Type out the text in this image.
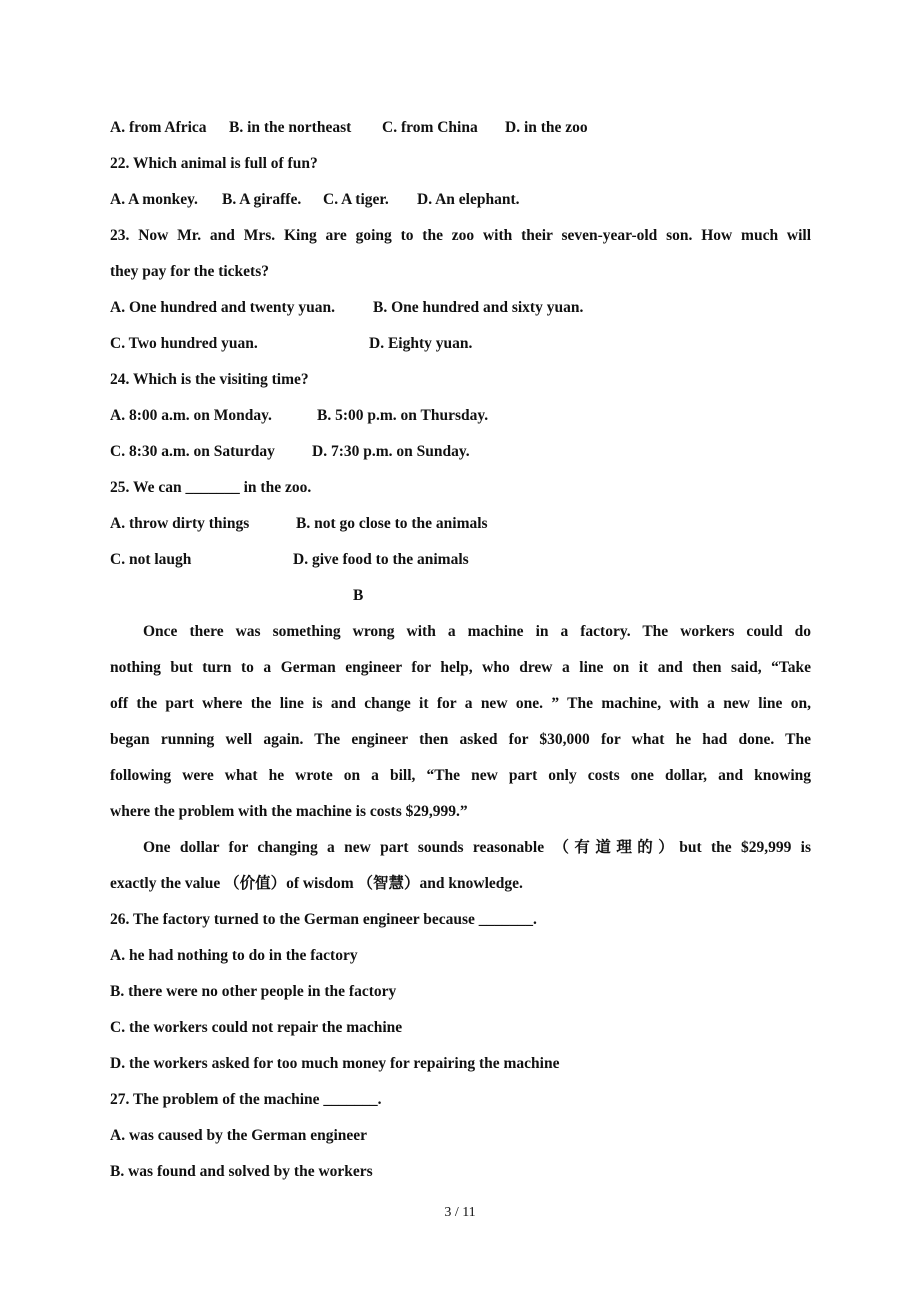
A. from Africa B. in the northeast C. from China D. in the zoo
22. Which animal is full of fun?
A. A monkey. B. A giraffe. C. A tiger. D. An elephant.
23. Now Mr. and Mrs. King are going to the zoo with their seven-year-old son. How much will
they pay for the tickets?
A. One hundred and twenty yuan. B. One hundred and sixty yuan.
C. Two hundred yuan.	D. Eighty yuan.
24. Which is the visiting time?
A. 8:00 a.m. on Monday.	B. 5:00 p.m. on Thursday.
C. 8:30 a.m. on Saturday D. 7:30 p.m. on Sunday.
25. We can _______ in the zoo.
A. throw dirty things	B. not go close to the animals
C. not laugh	D. give food to the animals
B
Once there was something wrong with a machine in a factory. The workers could do
nothing but turn to a German engineer for help, who drew a line on it and then said, “Take
off the part where the line is and change it for a new one. ” The machine, with a new line on,
began running well again. The engineer then asked for $30,000 for what he had done. The
following were what he wrote on a bill, “The new part only costs one dollar, and knowing
where the problem with the machine is costs $29,999.”
One dollar for changing a new part sounds reasonable （有道理的）but the $29,999 is
exactly the value （价值）of wisdom （智慧）and knowledge.
26. The factory turned to the German engineer because _______.
A. he had nothing to do in the factory
B. there were no other people in the factory
C. the workers could not repair the machine
D. the workers asked for too much money for repairing the machine
27. The problem of the machine _______.
A. was caused by the German engineer
B. was found and solved by the workers
3 / 11
